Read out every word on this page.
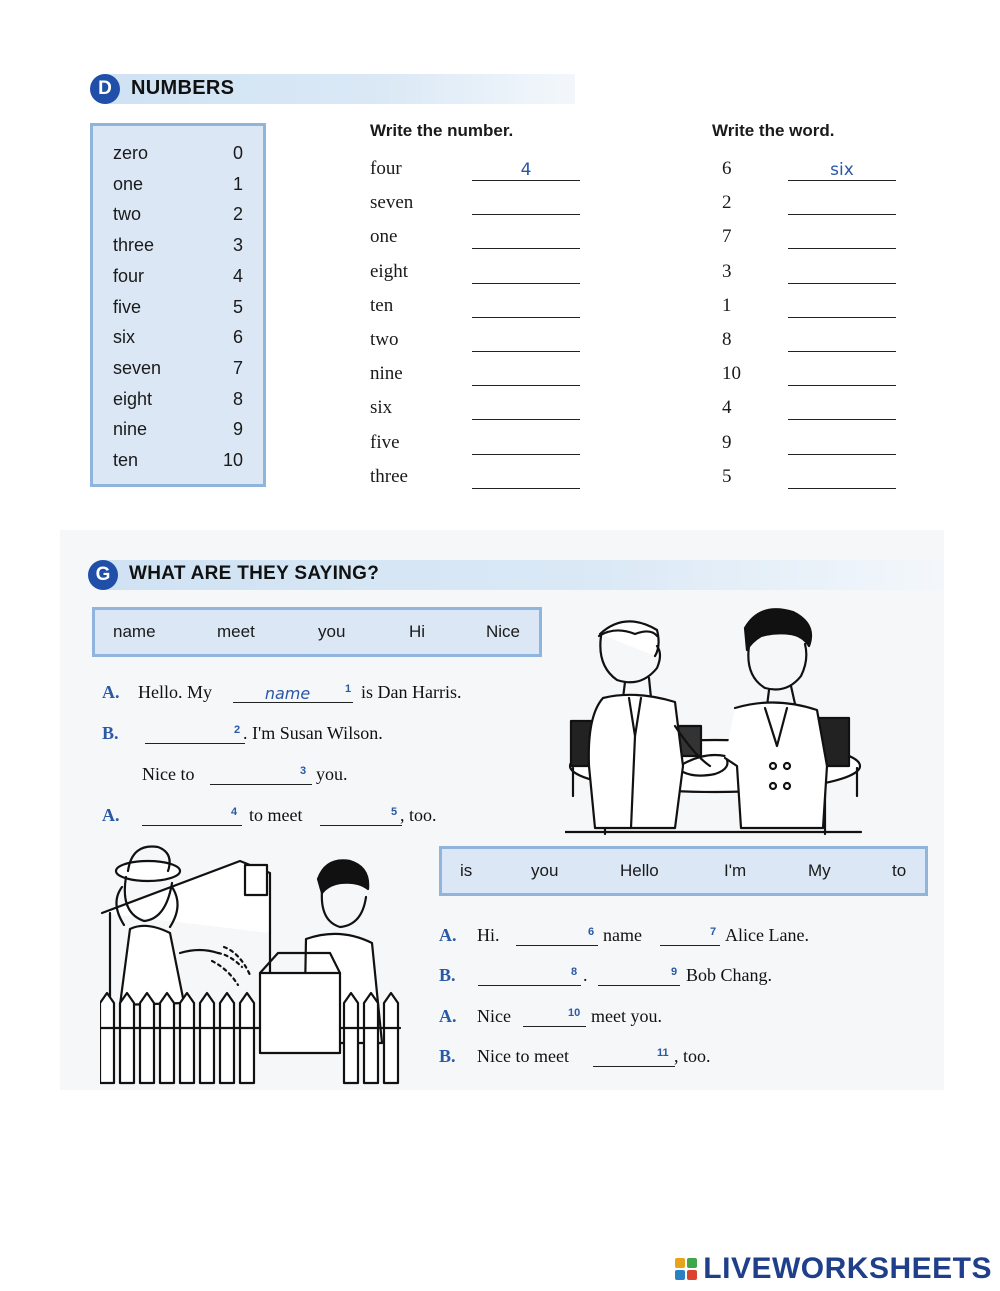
D NUMBERS
zero	0
one	1
two	2
three	3
four	4
five	5
six	6
seven	7
eight	8
nine	9
ten	10
Write the number.	Write the word.
four	4
seven
one
eight
ten
two
nine
six
five
three
6	six
2
7
3
1
8
10
4
9
5
G WHAT ARE THEY SAYING?
name	meet	you	Hi	Nice
A. Hello. My	name	1 is Dan Harris.
B.	2 . I'm Susan Wilson.
Nice to	3 you.
A.	4 to meet	5 , too.
is	you	Hello	I'm	My	to
A. Hi.	6 name	7 Alice Lane.
B.	8 .	9 Bob Chang.
A. Nice	10 meet you.
B. Nice to meet	11 , too.
LIVEWORKSHEETS
